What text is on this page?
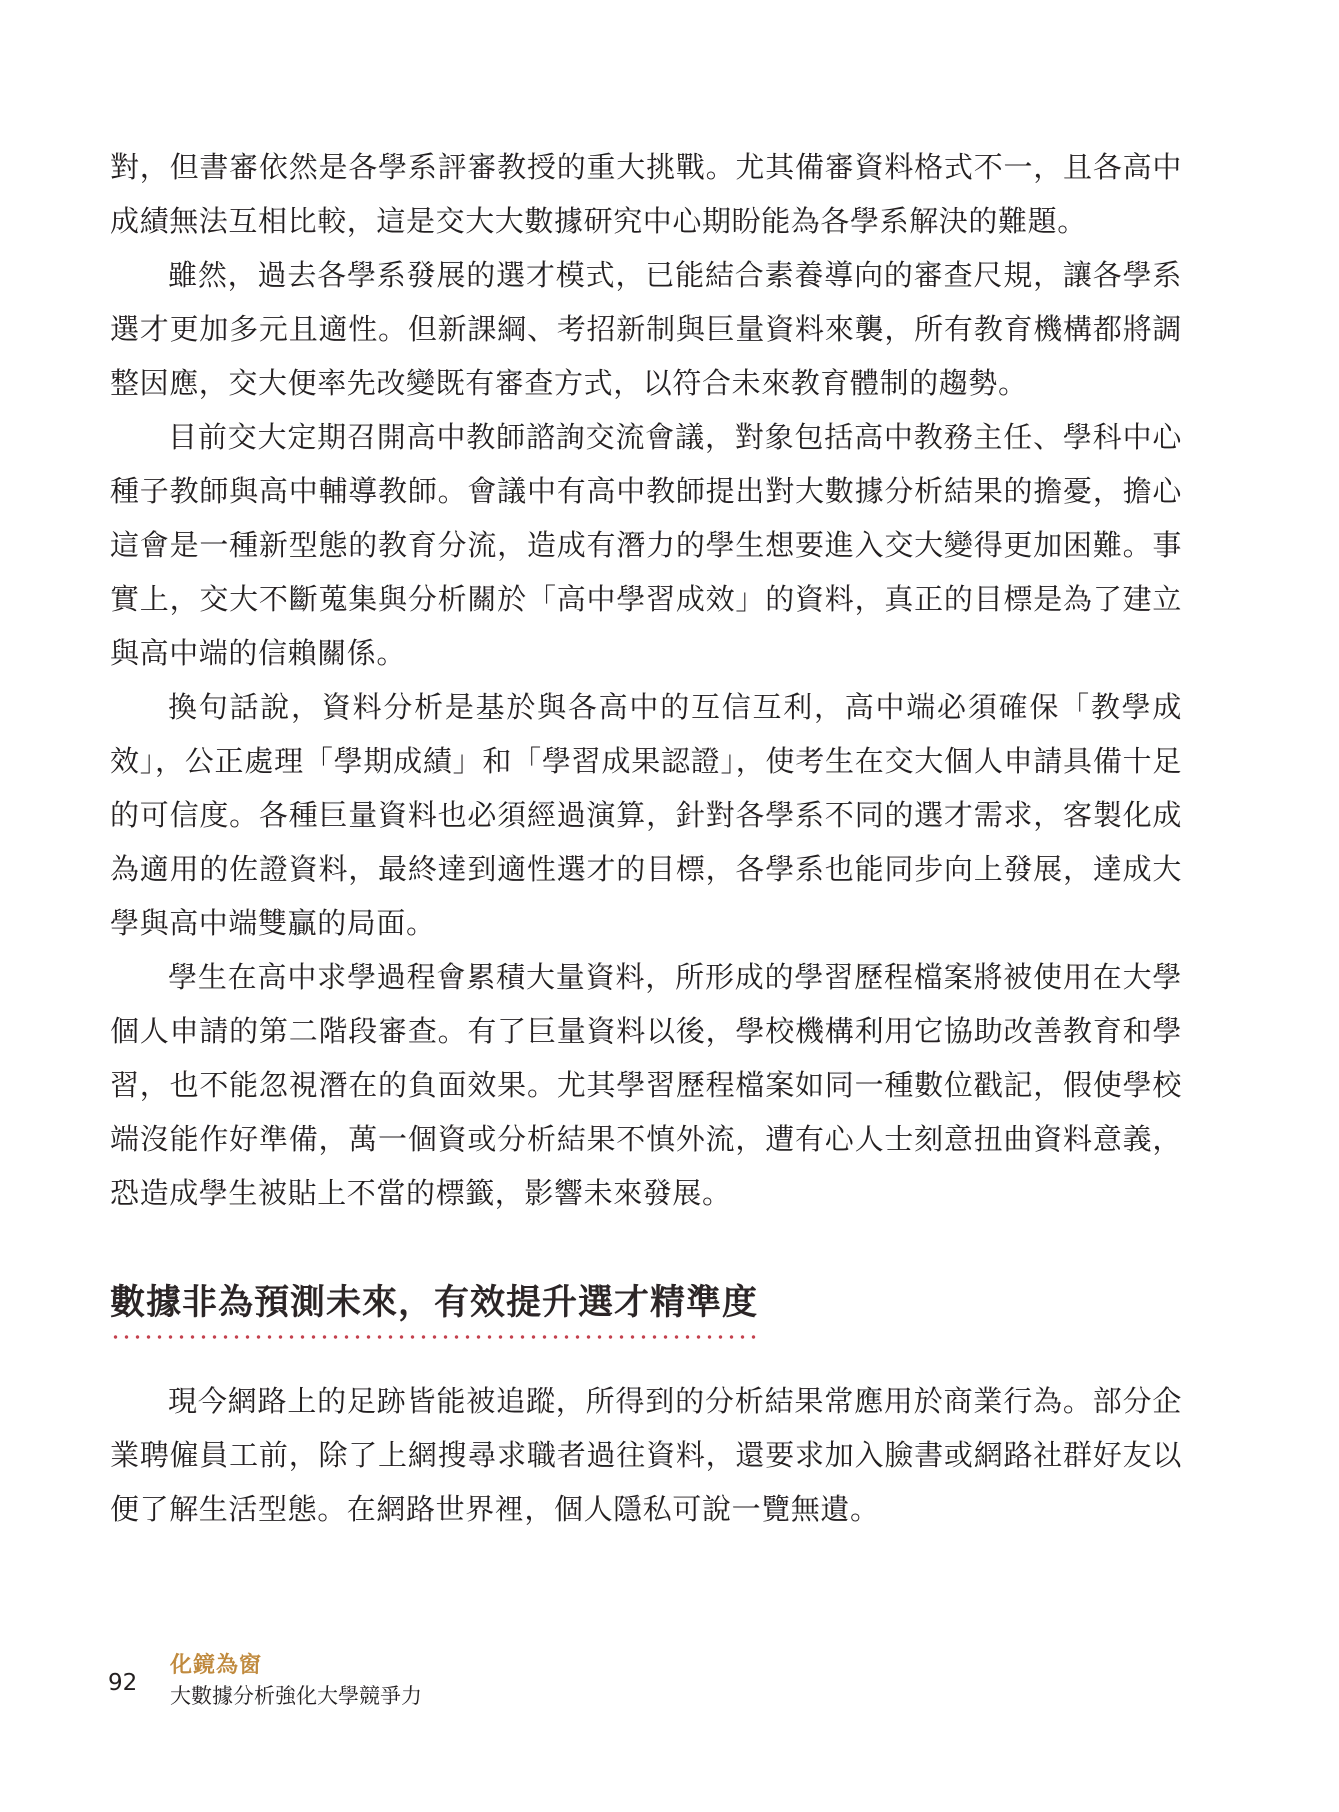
對，但書審依然是各學系評審教授的重大挑戰。尤其備審資料格式不一，且各高中成績無法互相比較，這是交大大數據研究中心期盼能為各學系解決的難題。

雖然，過去各學系發展的選才模式，已能結合素養導向的審查尺規，讓各學系選才更加多元且適性。但新課綱、考招新制與巨量資料來襲，所有教育機構都將調整因應，交大便率先改變既有審查方式，以符合未來教育體制的趨勢。

目前交大定期召開高中教師諮詢交流會議，對象包括高中教務主任、學科中心種子教師與高中輔導教師。會議中有高中教師提出對大數據分析結果的擔憂，擔心這會是一種新型態的教育分流，造成有潛力的學生想要進入交大變得更加困難。事實上，交大不斷蒐集與分析關於「高中學習成效」的資料，真正的目標是為了建立與高中端的信賴關係。

換句話說，資料分析是基於與各高中的互信互利，高中端必須確保「教學成效」，公正處理「學期成績」和「學習成果認證」，使考生在交大個人申請具備十足的可信度。各種巨量資料也必須經過演算，針對各學系不同的選才需求，客製化成為適用的佐證資料，最終達到適性選才的目標，各學系也能同步向上發展，達成大學與高中端雙贏的局面。

學生在高中求學過程會累積大量資料，所形成的學習歷程檔案將被使用在大學個人申請的第二階段審查。有了巨量資料以後，學校機構利用它協助改善教育和學習，也不能忽視潛在的負面效果。尤其學習歷程檔案如同一種數位戳記，假使學校端沒能作好準備，萬一個資或分析結果不慎外流，遭有心人士刻意扭曲資料意義，恐造成學生被貼上不當的標籤，影響未來發展。

數據非為預測未來，有效提升選才精準度

現今網路上的足跡皆能被追蹤，所得到的分析結果常應用於商業行為。部分企業聘僱員工前，除了上網搜尋求職者過往資料，還要求加入臉書或網路社群好友以便了解生活型態。在網路世界裡，個人隱私可說一覽無遺。

92
化鏡為窗
大數據分析強化大學競爭力
